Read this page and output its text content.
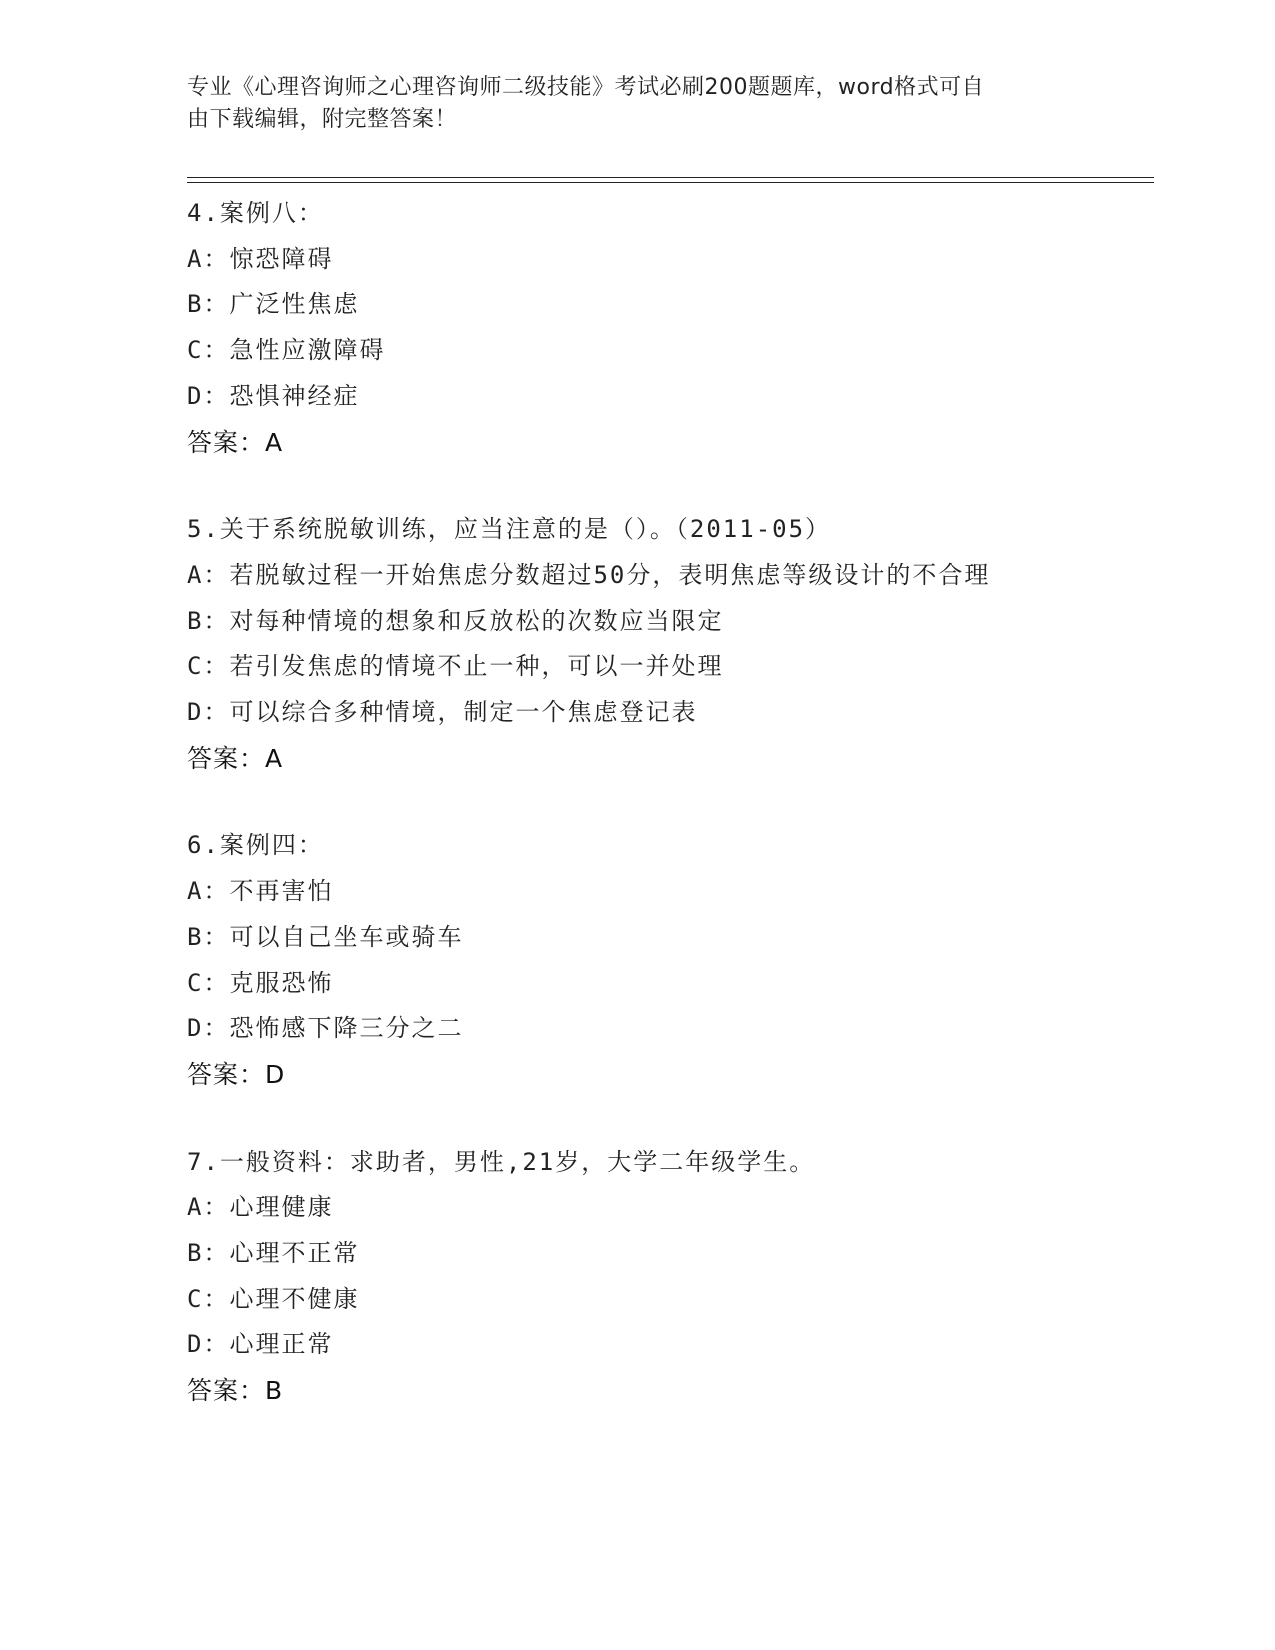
专业《心理咨询师之心理咨询师二级技能》考试必刷200题题库，word格式可自
由下载编辑，附完整答案！
4.案例八：
A：惊恐障碍
B：广泛性焦虑
C：急性应激障碍
D：恐惧神经症
答案：A
5.关于系统脱敏训练，应当注意的是（）。（2011-05）
A：若脱敏过程一开始焦虑分数超过50分，表明焦虑等级设计的不合理
B：对每种情境的想象和反放松的次数应当限定
C：若引发焦虑的情境不止一种，可以一并处理
D：可以综合多种情境，制定一个焦虑登记表
答案：A
6.案例四：
A：不再害怕
B：可以自己坐车或骑车
C：克服恐怖
D：恐怖感下降三分之二
答案：D
7.一般资料：求助者，男性,21岁，大学二年级学生。
A：心理健康
B：心理不正常
C：心理不健康
D：心理正常
答案：B
